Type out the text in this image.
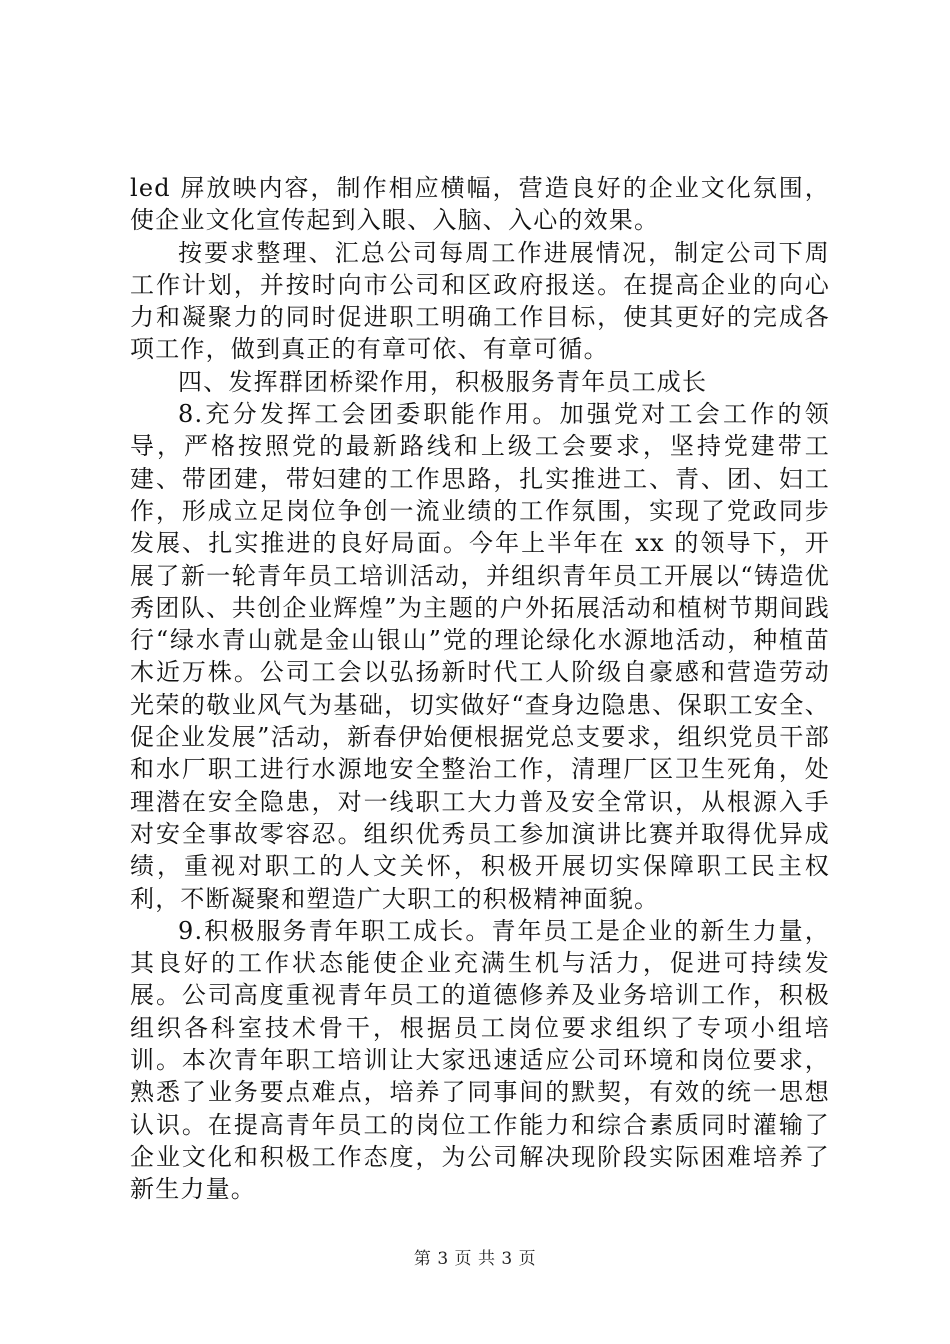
led 屏放映内容，制作相应横幅，营造良好的企业文化氛围，使企业文化宣传起到入眼、入脑、入心的效果。

按要求整理、汇总公司每周工作进展情况，制定公司下周工作计划，并按时向市公司和区政府报送。在提高企业的向心力和凝聚力的同时促进职工明确工作目标，使其更好的完成各项工作，做到真正的有章可依、有章可循。

四、发挥群团桥梁作用，积极服务青年员工成长

8.充分发挥工会团委职能作用。加强党对工会工作的领导，严格按照党的最新路线和上级工会要求，坚持党建带工建、带团建，带妇建的工作思路，扎实推进工、青、团、妇工作，形成立足岗位争创一流业绩的工作氛围，实现了党政同步发展、扎实推进的良好局面。今年上半年在 xx 的领导下，开展了新一轮青年员工培训活动，并组织青年员工开展以“铸造优秀团队、共创企业辉煌”为主题的户外拓展活动和植树节期间践行“绿水青山就是金山银山”党的理论绿化水源地活动，种植苗木近万株。公司工会以弘扬新时代工人阶级自豪感和营造劳动光荣的敬业风气为基础，切实做好“查身边隐患、保职工安全、促企业发展”活动，新春伊始便根据党总支要求，组织党员干部和水厂职工进行水源地安全整治工作，清理厂区卫生死角，处理潜在安全隐患，对一线职工大力普及安全常识，从根源入手对安全事故零容忍。组织优秀员工参加演讲比赛并取得优异成绩，重视对职工的人文关怀，积极开展切实保障职工民主权利，不断凝聚和塑造广大职工的积极精神面貌。

9.积极服务青年职工成长。青年员工是企业的新生力量，其良好的工作状态能使企业充满生机与活力，促进可持续发展。公司高度重视青年员工的道德修养及业务培训工作，积极组织各科室技术骨干，根据员工岗位要求组织了专项小组培训。本次青年职工培训让大家迅速适应公司环境和岗位要求，熟悉了业务要点难点，培养了同事间的默契，有效的统一思想认识。在提高青年员工的岗位工作能力和综合素质同时灌输了企业文化和积极工作态度，为公司解决现阶段实际困难培养了新生力量。

第 3 页 共 3 页
